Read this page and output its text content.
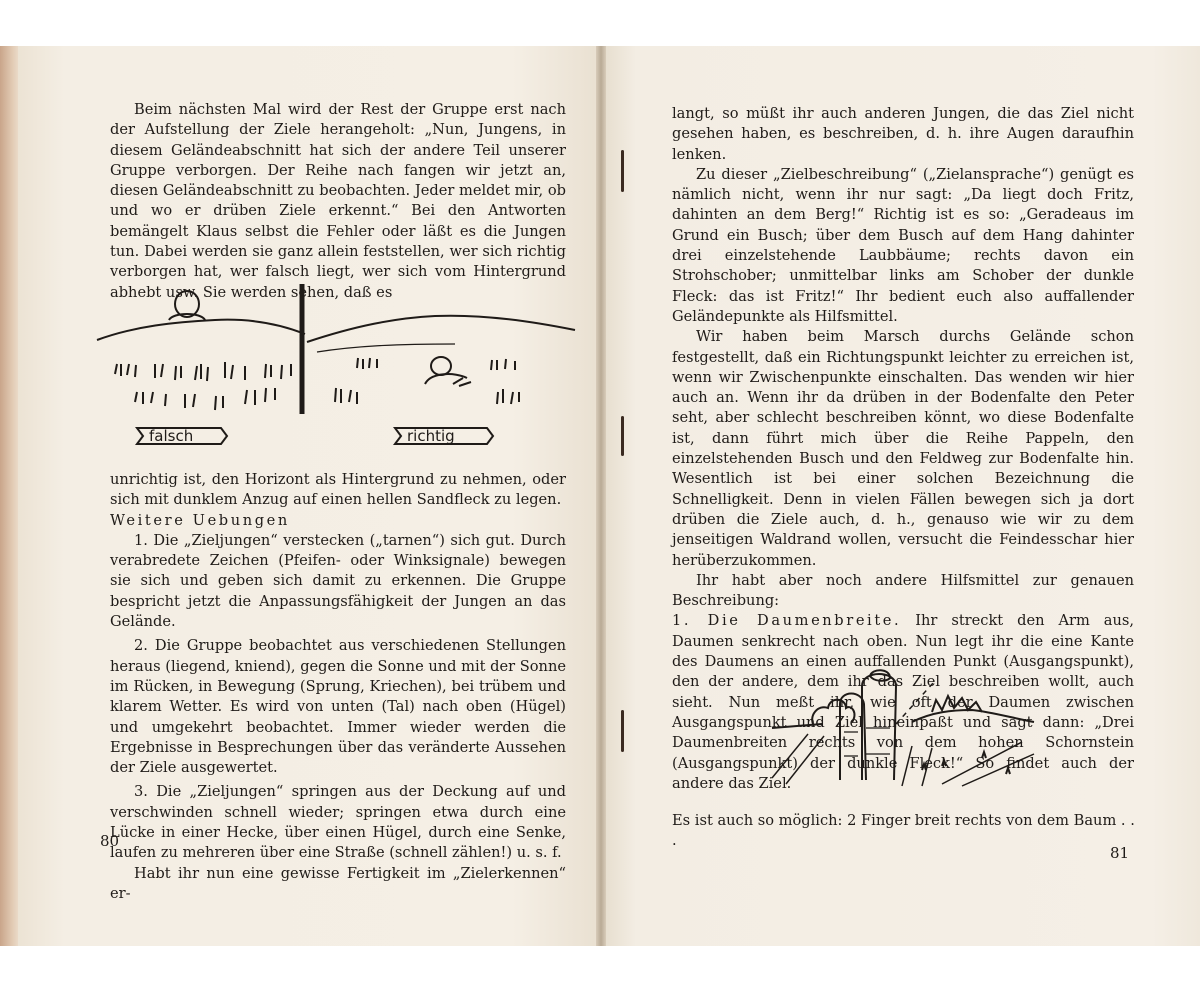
Beim nächsten Mal wird der Rest der Gruppe erst nach der Aufstellung der Ziele herangeholt: „Nun, Jungens, in diesem Geländeabschnitt hat sich der andere Teil unserer Gruppe verborgen. Der Reihe nach fangen wir jetzt an, diesen Geländeabschnitt zu beobachten. Jeder meldet mir, ob und wo er drüben Ziele erkennt.“ Bei den Antworten bemängelt Klaus selbst die Fehler oder läßt es die Jungen tun. Dabei werden sie ganz allein feststellen, wer sich richtig verborgen hat, wer falsch liegt, wer sich vom Hintergrund abhebt usw. Sie werden sehen, daß es

falsch	richtig

unrichtig ist, den Horizont als Hintergrund zu nehmen, oder sich mit dunklem Anzug auf einen hellen Sandfleck zu legen.

Weitere Uebungen

1. Die „Zieljungen“ verstecken („tarnen“) sich gut. Durch verabredete Zeichen (Pfeifen- oder Winksignale) bewegen sie sich und geben sich damit zu erkennen. Die Gruppe bespricht jetzt die Anpassungsfähigkeit der Jungen an das Gelände.

2. Die Gruppe beobachtet aus verschiedenen Stellungen heraus (liegend, kniend), gegen die Sonne und mit der Sonne im Rücken, in Bewegung (Sprung, Kriechen), bei trübem und klarem Wetter. Es wird von unten (Tal) nach oben (Hügel) und umgekehrt beobachtet. Immer wieder werden die Ergebnisse in Besprechungen über das veränderte Aussehen der Ziele ausgewertet.

3. Die „Zieljungen“ springen aus der Deckung auf und verschwinden schnell wieder; springen etwa durch eine Lücke in einer Hecke, über einen Hügel, durch eine Senke, laufen zu mehreren über eine Straße (schnell zählen!) u. s. f.

Habt ihr nun eine gewisse Fertigkeit im „Zielerkennen“ er-

80

langt, so müßt ihr auch anderen Jungen, die das Ziel nicht gesehen haben, es beschreiben, d. h. ihre Augen daraufhin lenken.

Zu dieser „Zielbeschreibung“ („Zielansprache“) genügt es nämlich nicht, wenn ihr nur sagt: „Da liegt doch Fritz, dahinten an dem Berg!“ Richtig ist es so: „Geradeaus im Grund ein Busch; über dem Busch auf dem Hang dahinter drei einzelstehende Laubbäume; rechts davon ein Strohschober; unmittelbar links am Schober der dunkle Fleck: das ist Fritz!“ Ihr bedient euch also auffallender Geländepunkte als Hilfsmittel.

Wir haben beim Marsch durchs Gelände schon festgestellt, daß ein Richtungspunkt leichter zu erreichen ist, wenn wir Zwischenpunkte einschalten. Das wenden wir hier auch an. Wenn ihr da drüben in der Bodenfalte den Peter seht, aber schlecht beschreiben könnt, wo diese Bodenfalte ist, dann führt mich über die Reihe Pappeln, den einzelstehenden Busch und den Feldweg zur Bodenfalte hin. Wesentlich ist bei einer solchen Bezeichnung die Schnelligkeit. Denn in vielen Fällen bewegen sich ja dort drüben die Ziele auch, d. h., genauso wie wir zu dem jenseitigen Waldrand wollen, versucht die Feindesschar hier herüberzukommen.

Ihr habt aber noch andere Hilfsmittel zur genauen Beschreibung:

1. Die Daumenbreite. Ihr streckt den Arm aus, Daumen senkrecht nach oben. Nun legt ihr die eine Kante des Daumens an einen auffallenden Punkt (Ausgangspunkt), den der andere, dem ihr das Ziel beschreiben wollt, auch sieht. Nun meßt ihr, wie oft der Daumen zwischen Ausgangspunkt und Ziel hineinpaßt und sagt dann: „Drei Daumenbreiten rechts von dem hohen Schornstein (Ausgangspunkt) der dunkle Fleck!“ So findet auch der andere das Ziel.

Es ist auch so möglich: 2 Finger breit rechts von dem Baum . . .
81
